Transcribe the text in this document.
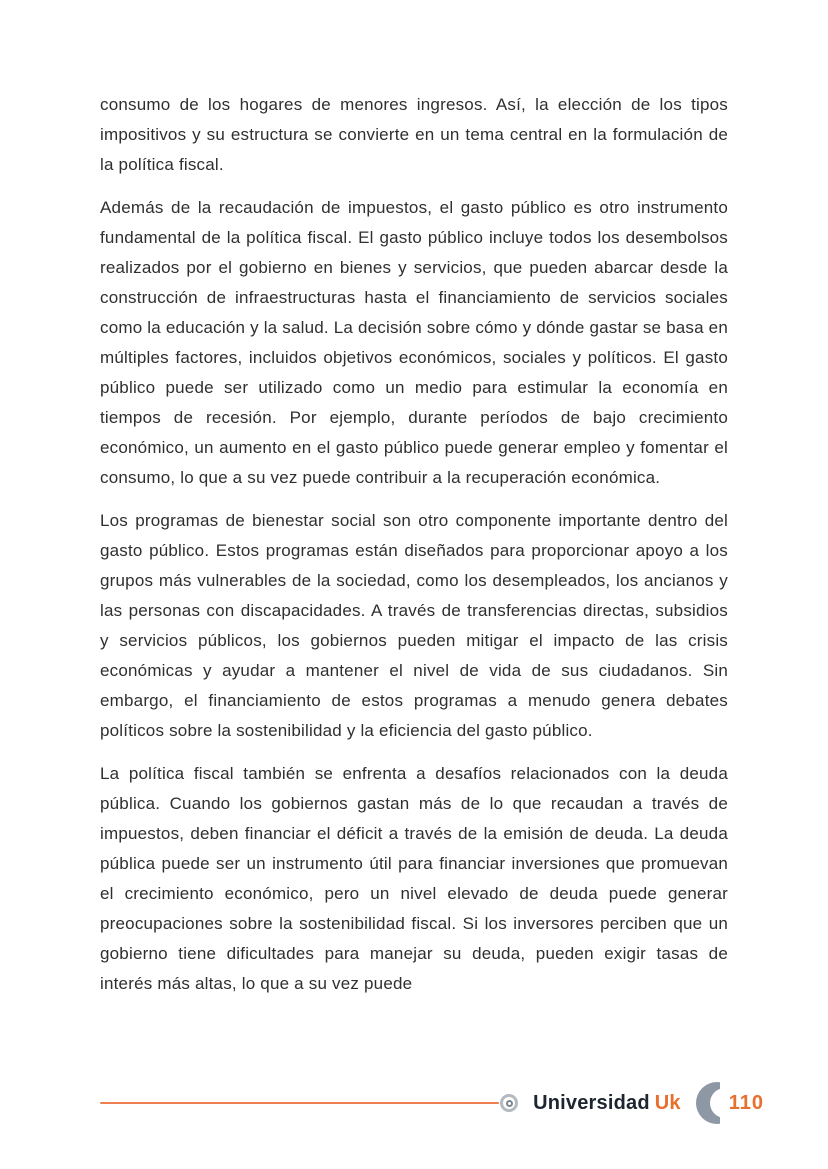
consumo de los hogares de menores ingresos. Así, la elección de los tipos impositivos y su estructura se convierte en un tema central en la formulación de la política fiscal.

Además de la recaudación de impuestos, el gasto público es otro instrumento fundamental de la política fiscal. El gasto público incluye todos los desembolsos realizados por el gobierno en bienes y servicios, que pueden abarcar desde la construcción de infraestructuras hasta el financiamiento de servicios sociales como la educación y la salud. La decisión sobre cómo y dónde gastar se basa en múltiples factores, incluidos objetivos económicos, sociales y políticos. El gasto público puede ser utilizado como un medio para estimular la economía en tiempos de recesión. Por ejemplo, durante períodos de bajo crecimiento económico, un aumento en el gasto público puede generar empleo y fomentar el consumo, lo que a su vez puede contribuir a la recuperación económica.

Los programas de bienestar social son otro componente importante dentro del gasto público. Estos programas están diseñados para proporcionar apoyo a los grupos más vulnerables de la sociedad, como los desempleados, los ancianos y las personas con discapacidades. A través de transferencias directas, subsidios y servicios públicos, los gobiernos pueden mitigar el impacto de las crisis económicas y ayudar a mantener el nivel de vida de sus ciudadanos. Sin embargo, el financiamiento de estos programas a menudo genera debates políticos sobre la sostenibilidad y la eficiencia del gasto público.

La política fiscal también se enfrenta a desafíos relacionados con la deuda pública. Cuando los gobiernos gastan más de lo que recaudan a través de impuestos, deben financiar el déficit a través de la emisión de deuda. La deuda pública puede ser un instrumento útil para financiar inversiones que promuevan el crecimiento económico, pero un nivel elevado de deuda puede generar preocupaciones sobre la sostenibilidad fiscal. Si los inversores perciben que un gobierno tiene dificultades para manejar su deuda, pueden exigir tasas de interés más altas, lo que a su vez puede

Universidad Uk 110
